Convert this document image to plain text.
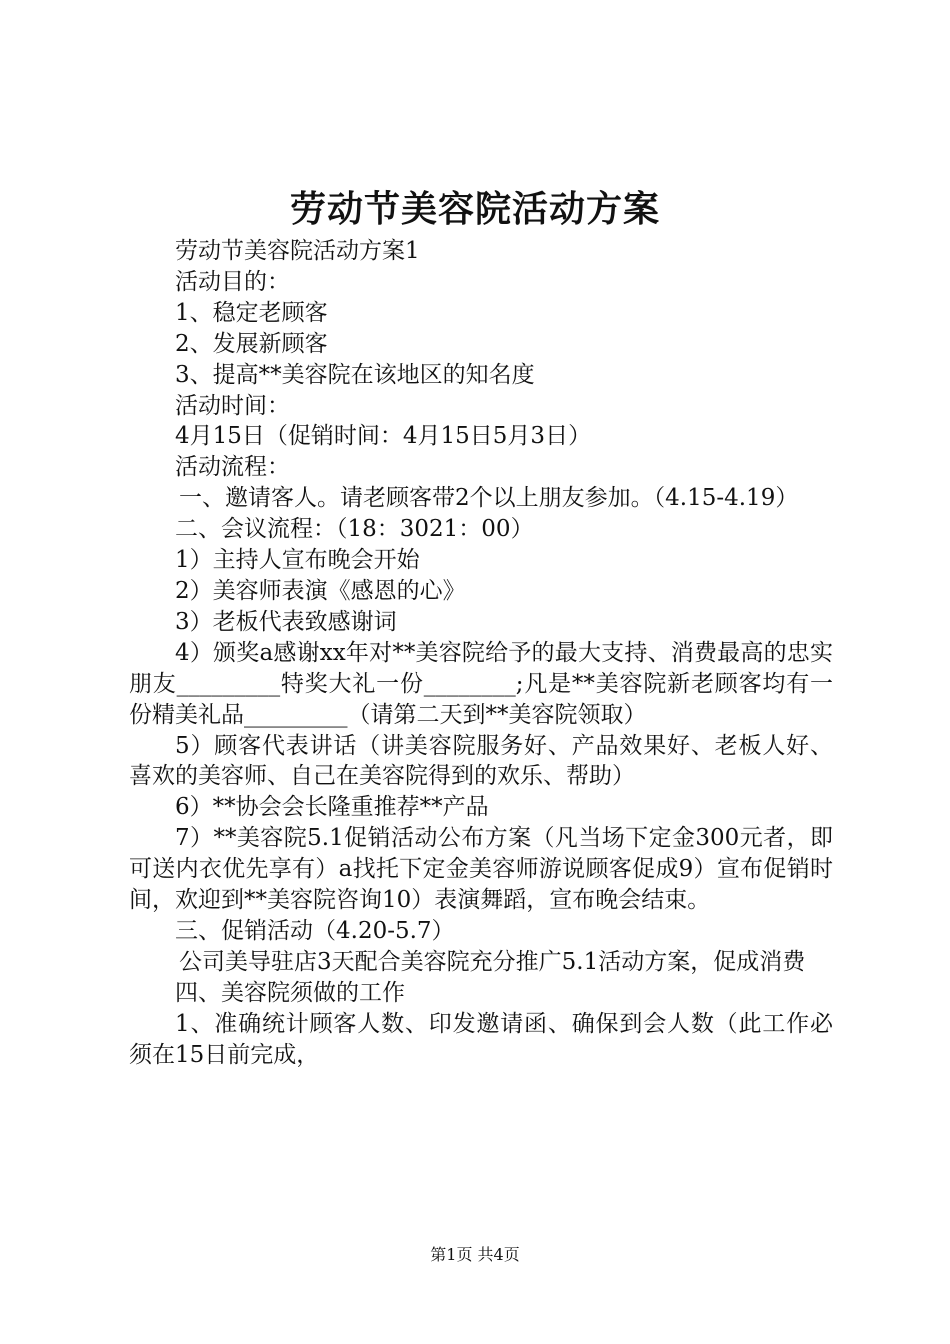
劳动节美容院活动方案

劳动节美容院活动方案1

活动目的：

1、稳定老顾客

2、发展新顾客

3、提高**美容院在该地区的知名度

活动时间：

4月15日（促销时间：4月15日5月3日）

活动流程：

一、邀请客人。请老顾客带2个以上朋友参加。（4.15-4.19）

二、会议流程：（18：3021：00）

1）主持人宣布晚会开始

2）美容师表演《感恩的心》

3）老板代表致感谢词

4）颁奖a感谢xx年对**美容院给予的最大支持、消费最高的忠实朋友_________特奖大礼一份________;凡是**美容院新老顾客均有一份精美礼品_________（请第二天到**美容院领取）

5）顾客代表讲话（讲美容院服务好、产品效果好、老板人好、喜欢的美容师、自己在美容院得到的欢乐、帮助）

6）**协会会长隆重推荐**产品

7）**美容院5.1促销活动公布方案（凡当场下定金300元者，即可送内衣优先享有）a找托下定金美容师游说顾客促成9）宣布促销时间，欢迎到**美容院咨询10）表演舞蹈，宣布晚会结束。

三、促销活动（4.20-5.7）

公司美导驻店3天配合美容院充分推广5.1活动方案，促成消费

四、美容院须做的工作

1、准确统计顾客人数、印发邀请函、确保到会人数（此工作必须在15日前完成，

第1页 共4页
